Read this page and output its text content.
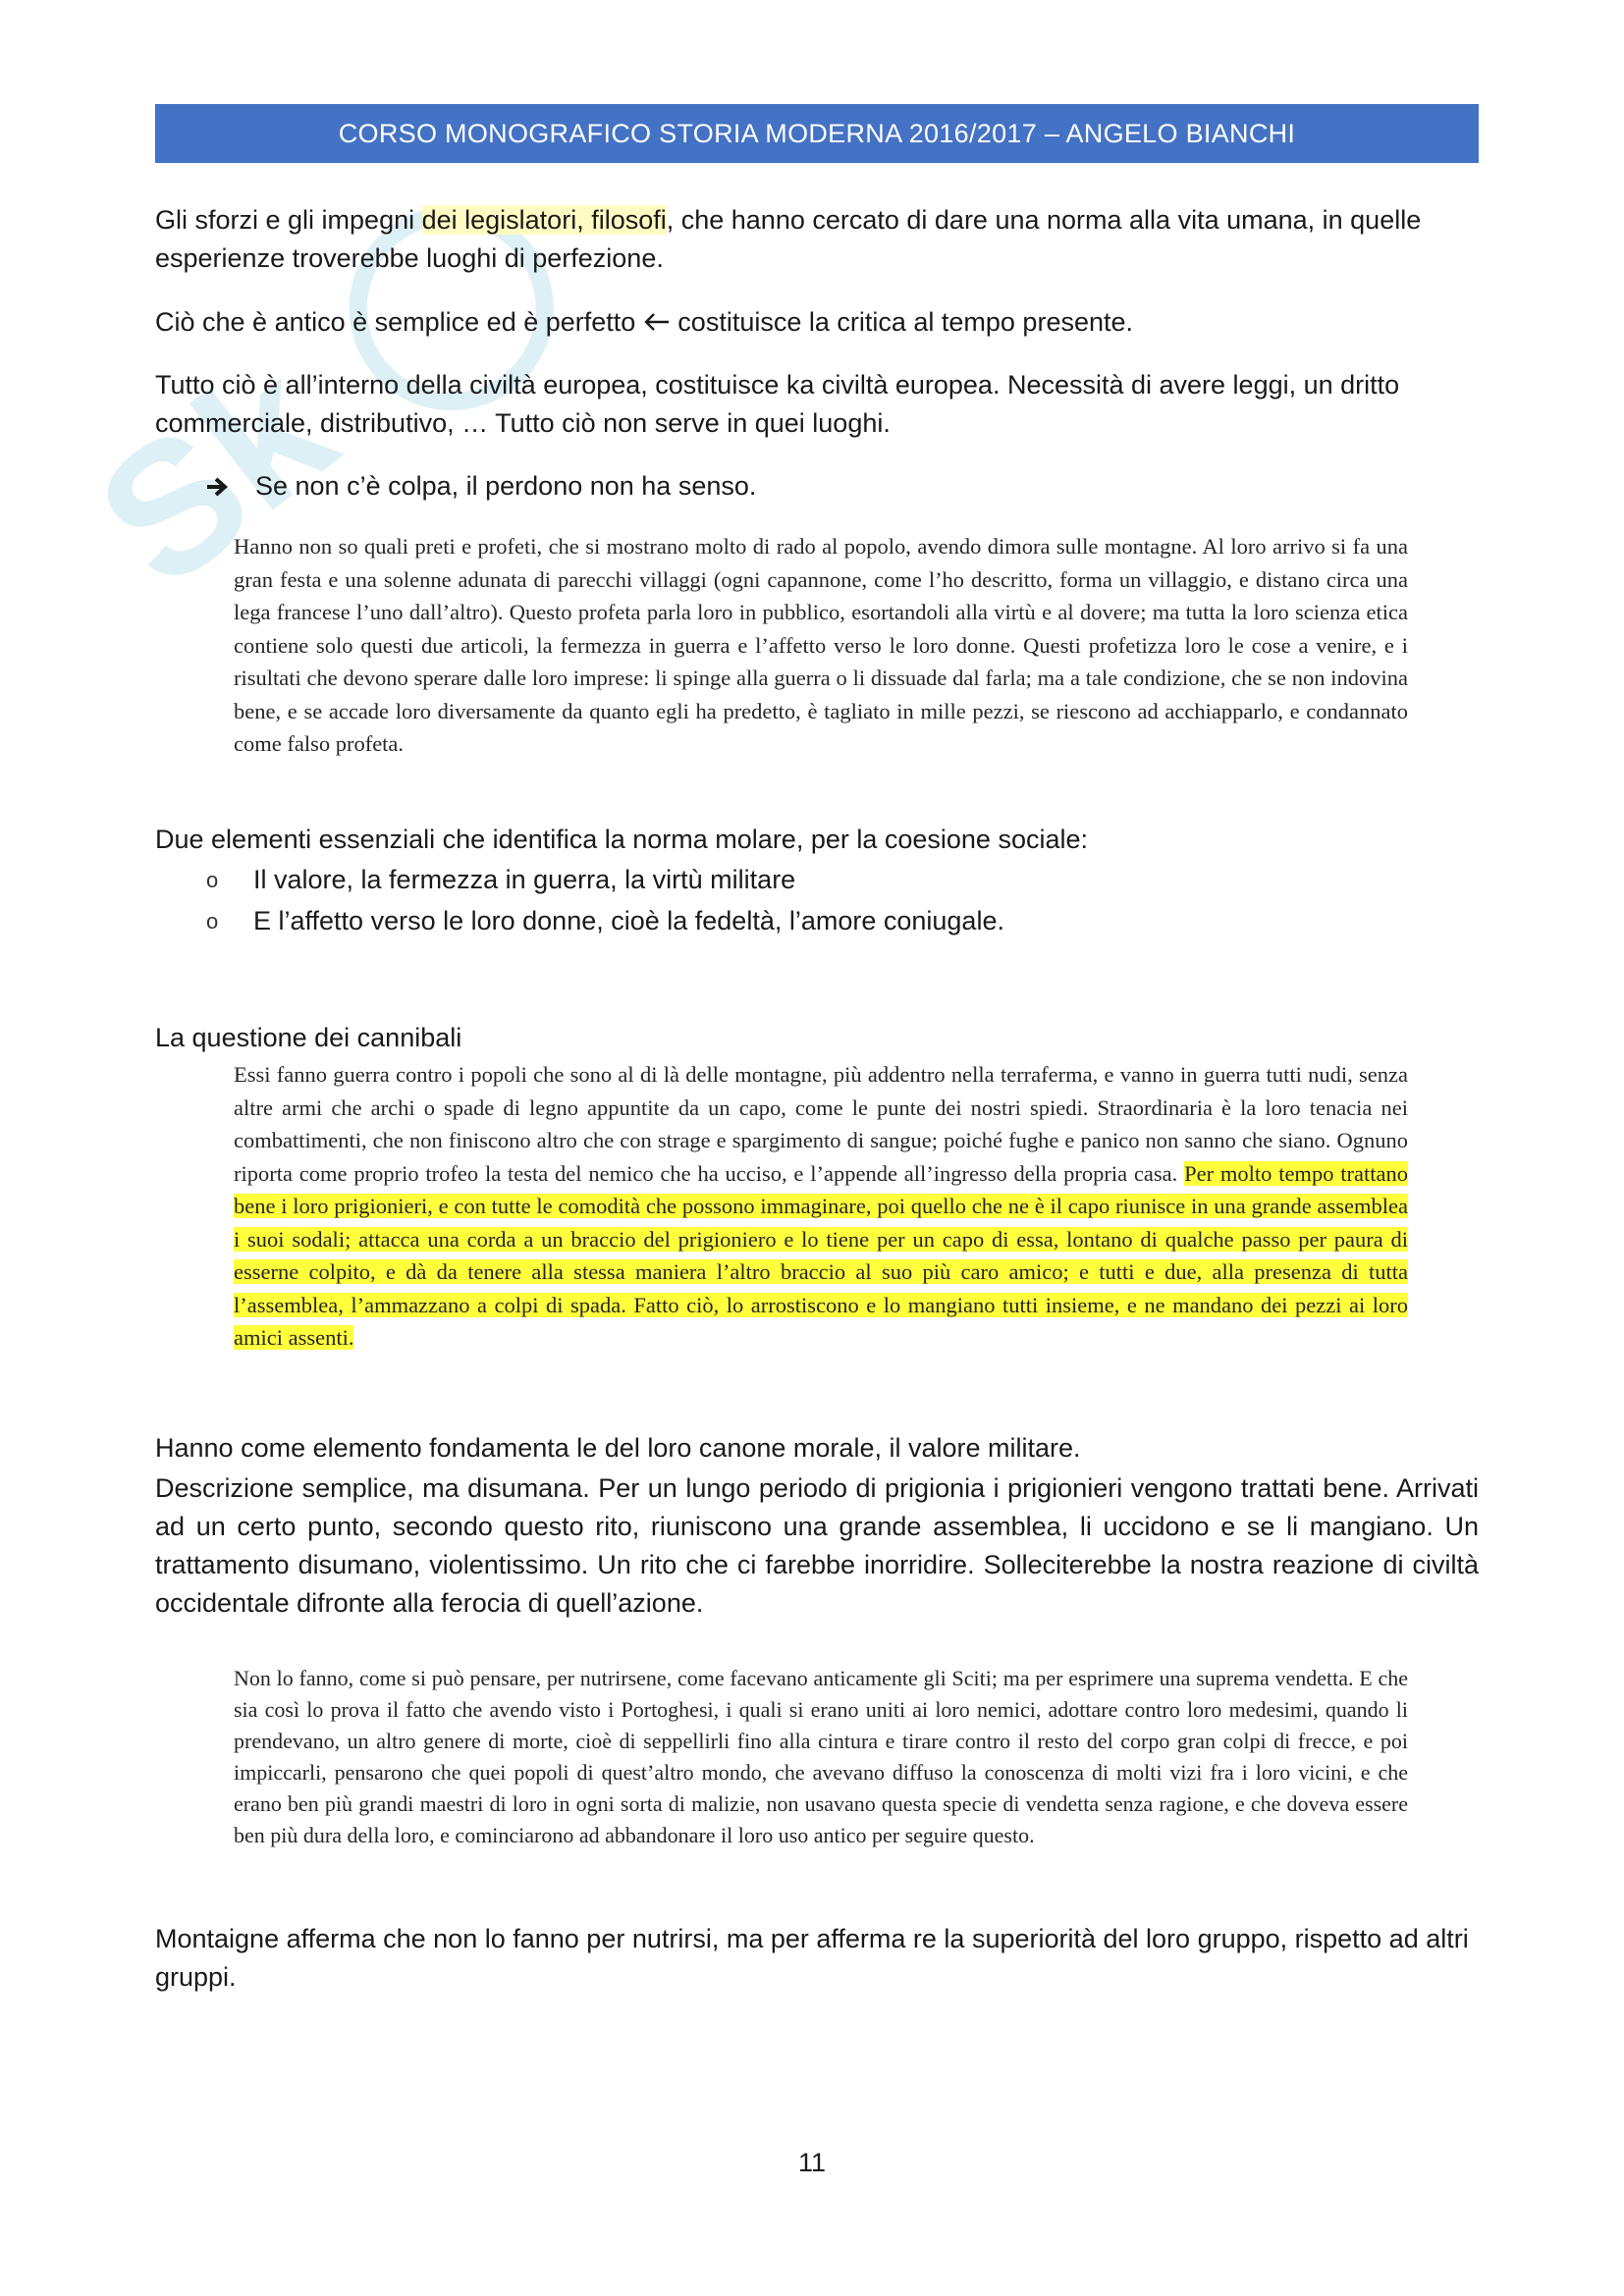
Sk
CORSO MONOGRAFICO STORIA MODERNA 2016/2017 – ANGELO BIANCHI

Gli sforzi e gli impegni dei legislatori, filosofi, che hanno cercato di dare una norma alla vita umana, in quelle esperienze troverebbe luoghi di perfezione.

Ciò che è antico è semplice ed è perfetto  costituisce la critica al tempo presente.

Tutto ciò è all’interno della civiltà europea, costituisce ka civiltà europea. Necessità di avere leggi, un dritto commerciale, distributivo, … Tutto ciò non serve in quei luoghi.

Se non c’è colpa, il perdono non ha senso.

Hanno non so quali preti e profeti, che si mostrano molto di rado al popolo, avendo dimora sulle montagne. Al loro arrivo si fa una gran festa e una solenne adunata di parecchi villaggi (ogni capannone, come l’ho descritto, forma un villaggio, e distano circa una lega francese l’uno dall’altro). Questo profeta parla loro in pubblico, esortandoli alla virtù e al dovere; ma tutta la loro scienza etica contiene solo questi due articoli, la fermezza in guerra e l’affetto verso le loro donne. Questi profetizza loro le cose a venire, e i risultati che devono sperare dalle loro imprese: li spinge alla guerra o li dissuade dal farla; ma a tale condizione, che se non indovina bene, e se accade loro diversamente da quanto egli ha predetto, è tagliato in mille pezzi, se riescono ad acchiapparlo, e condannato come falso profeta.

Due elementi essenziali che identifica la norma molare, per la coesione sociale:

o	Il valore, la fermezza in guerra, la virtù militare
o	E l’affetto verso le loro donne, cioè la fedeltà, l’amore coniugale.

La questione dei cannibali

Essi fanno guerra contro i popoli che sono al di là delle montagne, più addentro nella terraferma, e vanno in guerra tutti nudi, senza altre armi che archi o spade di legno appuntite da un capo, come le punte dei nostri spiedi. Straordinaria è la loro tenacia nei combattimenti, che non finiscono altro che con strage e spargimento di sangue; poiché fughe e panico non sanno che siano. Ognuno riporta come proprio trofeo la testa del nemico che ha ucciso, e l’appende all’ingresso della propria casa. Per molto tempo trattano bene i loro prigionieri, e con tutte le comodità che possono immaginare, poi quello che ne è il capo riunisce in una grande assemblea i suoi sodali; attacca una corda a un braccio del prigioniero e lo tiene per un capo di essa, lontano di qualche passo per paura di esserne colpito, e dà da tenere alla stessa maniera l’altro braccio al suo più caro amico; e tutti e due, alla presenza di tutta l’assemblea, l’ammazzano a colpi di spada. Fatto ciò, lo arrostiscono e lo mangiano tutti insieme, e ne mandano dei pezzi ai loro amici assenti.

Hanno come elemento fondamenta le del loro canone morale, il valore militare.

Descrizione semplice, ma disumana. Per un lungo periodo di prigionia i prigionieri vengono trattati bene. Arrivati ad un certo punto, secondo questo rito, riuniscono una grande assemblea, li uccidono e se li mangiano. Un trattamento disumano, violentissimo. Un rito che ci farebbe inorridire. Solleciterebbe la nostra reazione di civiltà occidentale difronte alla ferocia di quell’azione.

Non lo fanno, come si può pensare, per nutrirsene, come facevano anticamente gli Sciti; ma per esprimere una suprema vendetta. E che sia così lo prova il fatto che avendo visto i Portoghesi, i quali si erano uniti ai loro nemici, adottare contro loro medesimi, quando li prendevano, un altro genere di morte, cioè di seppellirli fino alla cintura e tirare contro il resto del corpo gran colpi di frecce, e poi impiccarli, pensarono che quei popoli di quest’altro mondo, che avevano diffuso la conoscenza di molti vizi fra i loro vicini, e che erano ben più grandi maestri di loro in ogni sorta di malizie, non usavano questa specie di vendetta senza ragione, e che doveva essere ben più dura della loro, e cominciarono ad abbandonare il loro uso antico per seguire questo.

Montaigne afferma che non lo fanno per nutrirsi, ma per afferma re la superiorità del loro gruppo, rispetto ad altri gruppi.

11
